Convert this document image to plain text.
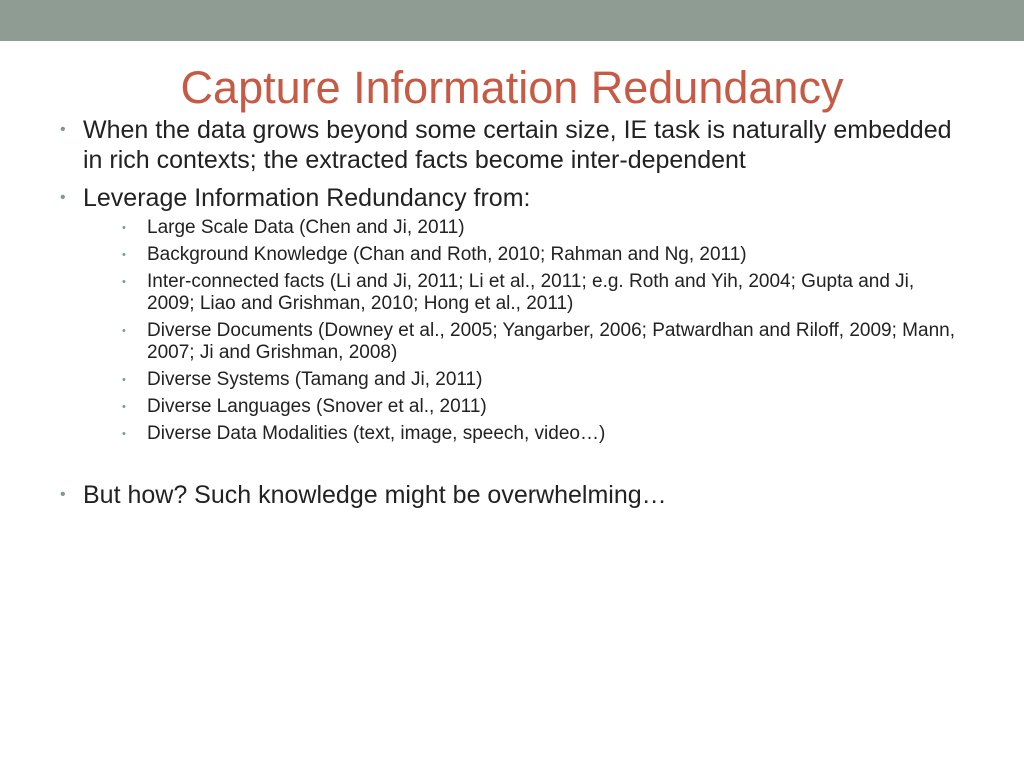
Capture Information Redundancy
• When the data grows beyond some certain size, IE task is naturally embedded in rich contexts; the extracted facts become inter-dependent
• Leverage Information Redundancy from:
• Large Scale Data (Chen and Ji, 2011)
• Background Knowledge (Chan and Roth, 2010; Rahman and Ng, 2011)
• Inter-connected facts (Li and Ji, 2011; Li et al., 2011; e.g. Roth and Yih, 2004; Gupta and Ji, 2009; Liao and Grishman, 2010; Hong et al., 2011)
• Diverse Documents (Downey et al., 2005; Yangarber, 2006; Patwardhan and Riloff, 2009; Mann, 2007; Ji and Grishman, 2008)
• Diverse Systems (Tamang and Ji, 2011)
• Diverse Languages (Snover et al., 2011)
• Diverse Data Modalities (text, image, speech, video…)
• But how? Such knowledge might be overwhelming…
